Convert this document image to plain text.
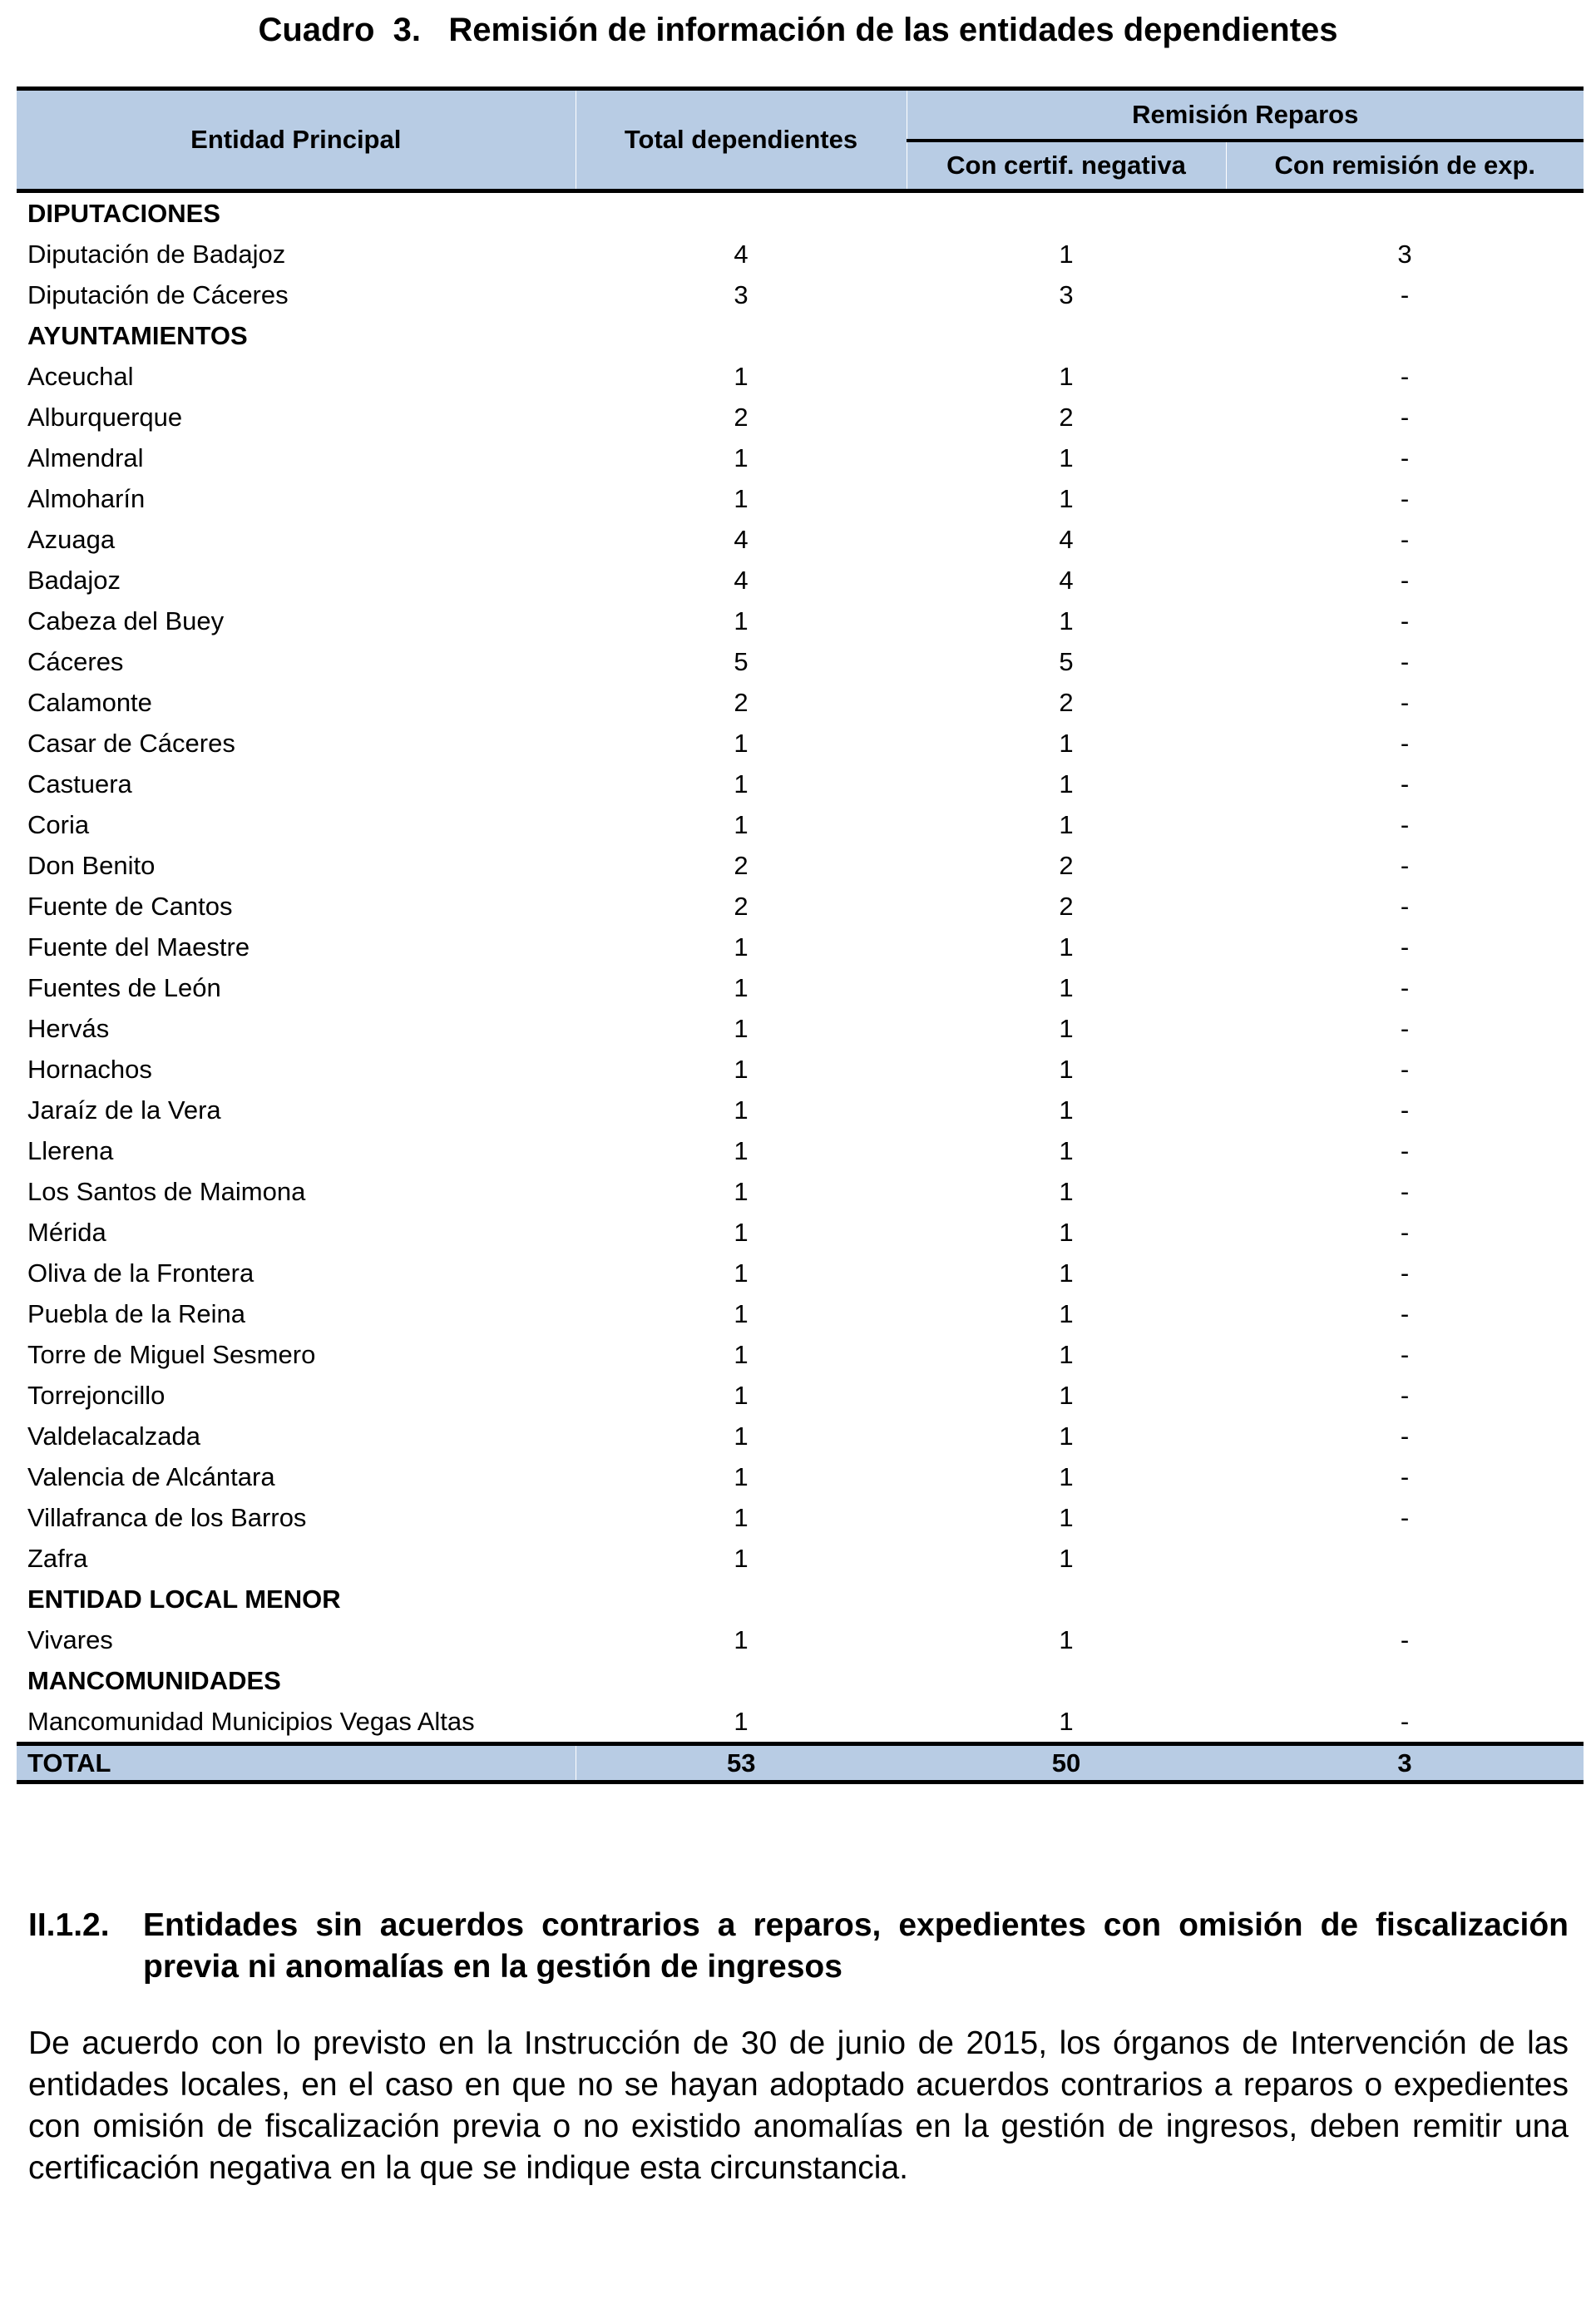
Cuadro  3.   Remisión de información de las entidades dependientes
Entidad Principal	Total dependientes	Remisión Reparos	
		Con certif. negativa	Con remisión de exp.
DIPUTACIONES			
Diputación de Badajoz	4	1	3
Diputación de Cáceres	3	3	-
AYUNTAMIENTOS			
Aceuchal	1	1	-
Alburquerque	2	2	-
Almendral	1	1	-
Almoharín	1	1	-
Azuaga	4	4	-
Badajoz	4	4	-
Cabeza del Buey	1	1	-
Cáceres	5	5	-
Calamonte	2	2	-
Casar de Cáceres	1	1	-
Castuera	1	1	-
Coria	1	1	-
Don Benito	2	2	-
Fuente de Cantos	2	2	-
Fuente del Maestre	1	1	-
Fuentes de León	1	1	-
Hervás	1	1	-
Hornachos	1	1	-
Jaraíz de la Vera	1	1	-
Llerena	1	1	-
Los Santos de Maimona	1	1	-
Mérida	1	1	-
Oliva de la Frontera	1	1	-
Puebla de la Reina	1	1	-
Torre de Miguel Sesmero	1	1	-
Torrejoncillo	1	1	-
Valdelacalzada	1	1	-
Valencia de Alcántara	1	1	-
Villafranca de los Barros	1	1	-
Zafra	1	1	
ENTIDAD LOCAL MENOR			
Vivares	1	1	-
MANCOMUNIDADES			
Mancomunidad Municipios Vegas Altas	1	1	-
TOTAL	53	50	3
II.1.2. Entidades sin acuerdos contrarios a reparos, expedientes con omisión de fiscalización previa ni anomalías en la gestión de ingresos
De acuerdo con lo previsto en la Instrucción de 30 de junio de 2015, los órganos de Intervención de las entidades locales, en el caso en que no se hayan adoptado acuerdos contrarios a reparos o expedientes con omisión de fiscalización previa o no existido anomalías en la gestión de ingresos, deben remitir una certificación negativa en la que se indique esta circunstancia.
